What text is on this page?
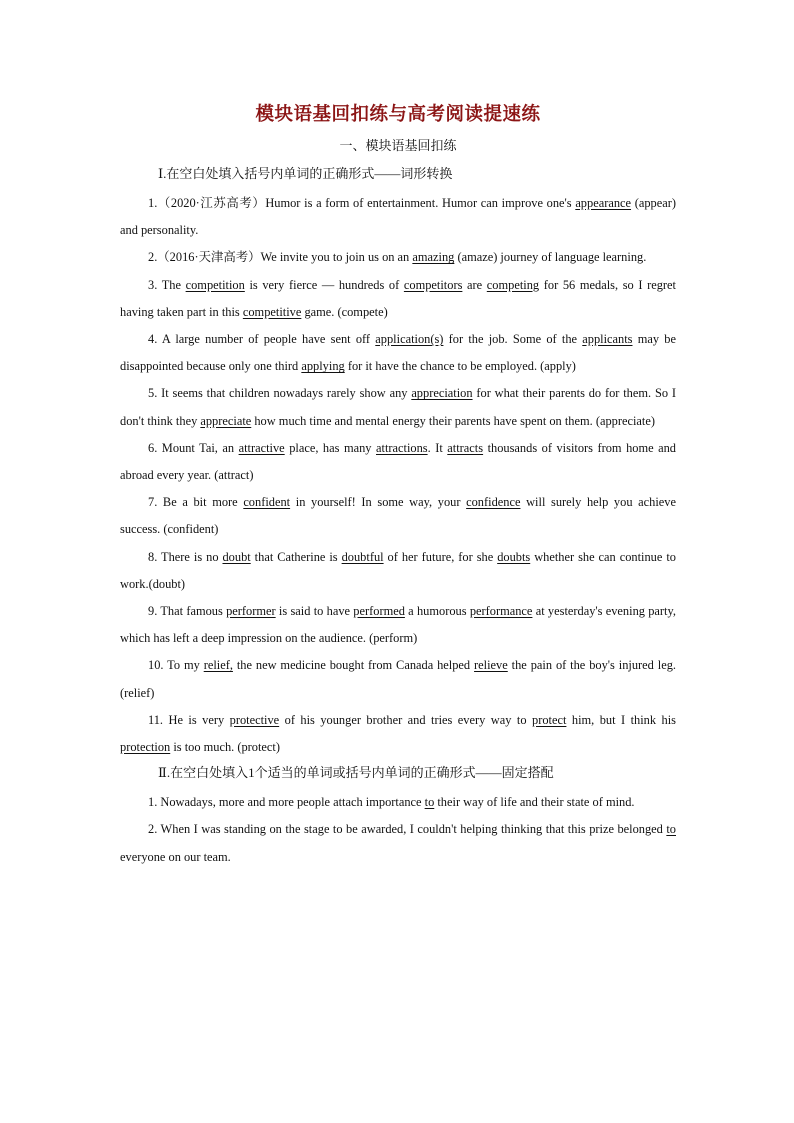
模块语基回扣练与高考阅读提速练
一、模块语基回扣练
Ⅰ.在空白处填入括号内单词的正确形式——词形转换

1.（2020·江苏高考）Humor is a form of entertainment. Humor can improve one's appearance (appear) and personality.

2.（2016·天津高考）We invite you to join us on an amazing (amaze) journey of language learning.

3. The competition is very fierce — hundreds of competitors are competing for 56 medals, so I regret having taken part in this competitive game. (compete)

4. A large number of people have sent off application(s) for the job. Some of the applicants may be disappointed because only one third applying for it have the chance to be employed. (apply)

5. It seems that children nowadays rarely show any appreciation for what their parents do for them. So I don't think they appreciate how much time and mental energy their parents have spent on them. (appreciate)

6. Mount Tai, an attractive place, has many attractions. It attracts thousands of visitors from home and abroad every year. (attract)

7. Be a bit more confident in yourself! In some way, your confidence will surely help you achieve success. (confident)

8. There is no doubt that Catherine is doubtful of her future, for she doubts whether she can continue to work.(doubt)

9. That famous performer is said to have performed a humorous performance at yesterday's evening party, which has left a deep impression on the audience. (perform)

10. To my relief, the new medicine bought from Canada helped relieve the pain of the boy's injured leg. (relief)

11. He is very protective of his younger brother and tries every way to protect him, but I think his protection is too much. (protect)

Ⅱ.在空白处填入1个适当的单词或括号内单词的正确形式——固定搭配

1. Nowadays, more and more people attach importance to their way of life and their state of mind.

2. When I was standing on the stage to be awarded, I couldn't helping thinking that this prize belonged to everyone on our team.
